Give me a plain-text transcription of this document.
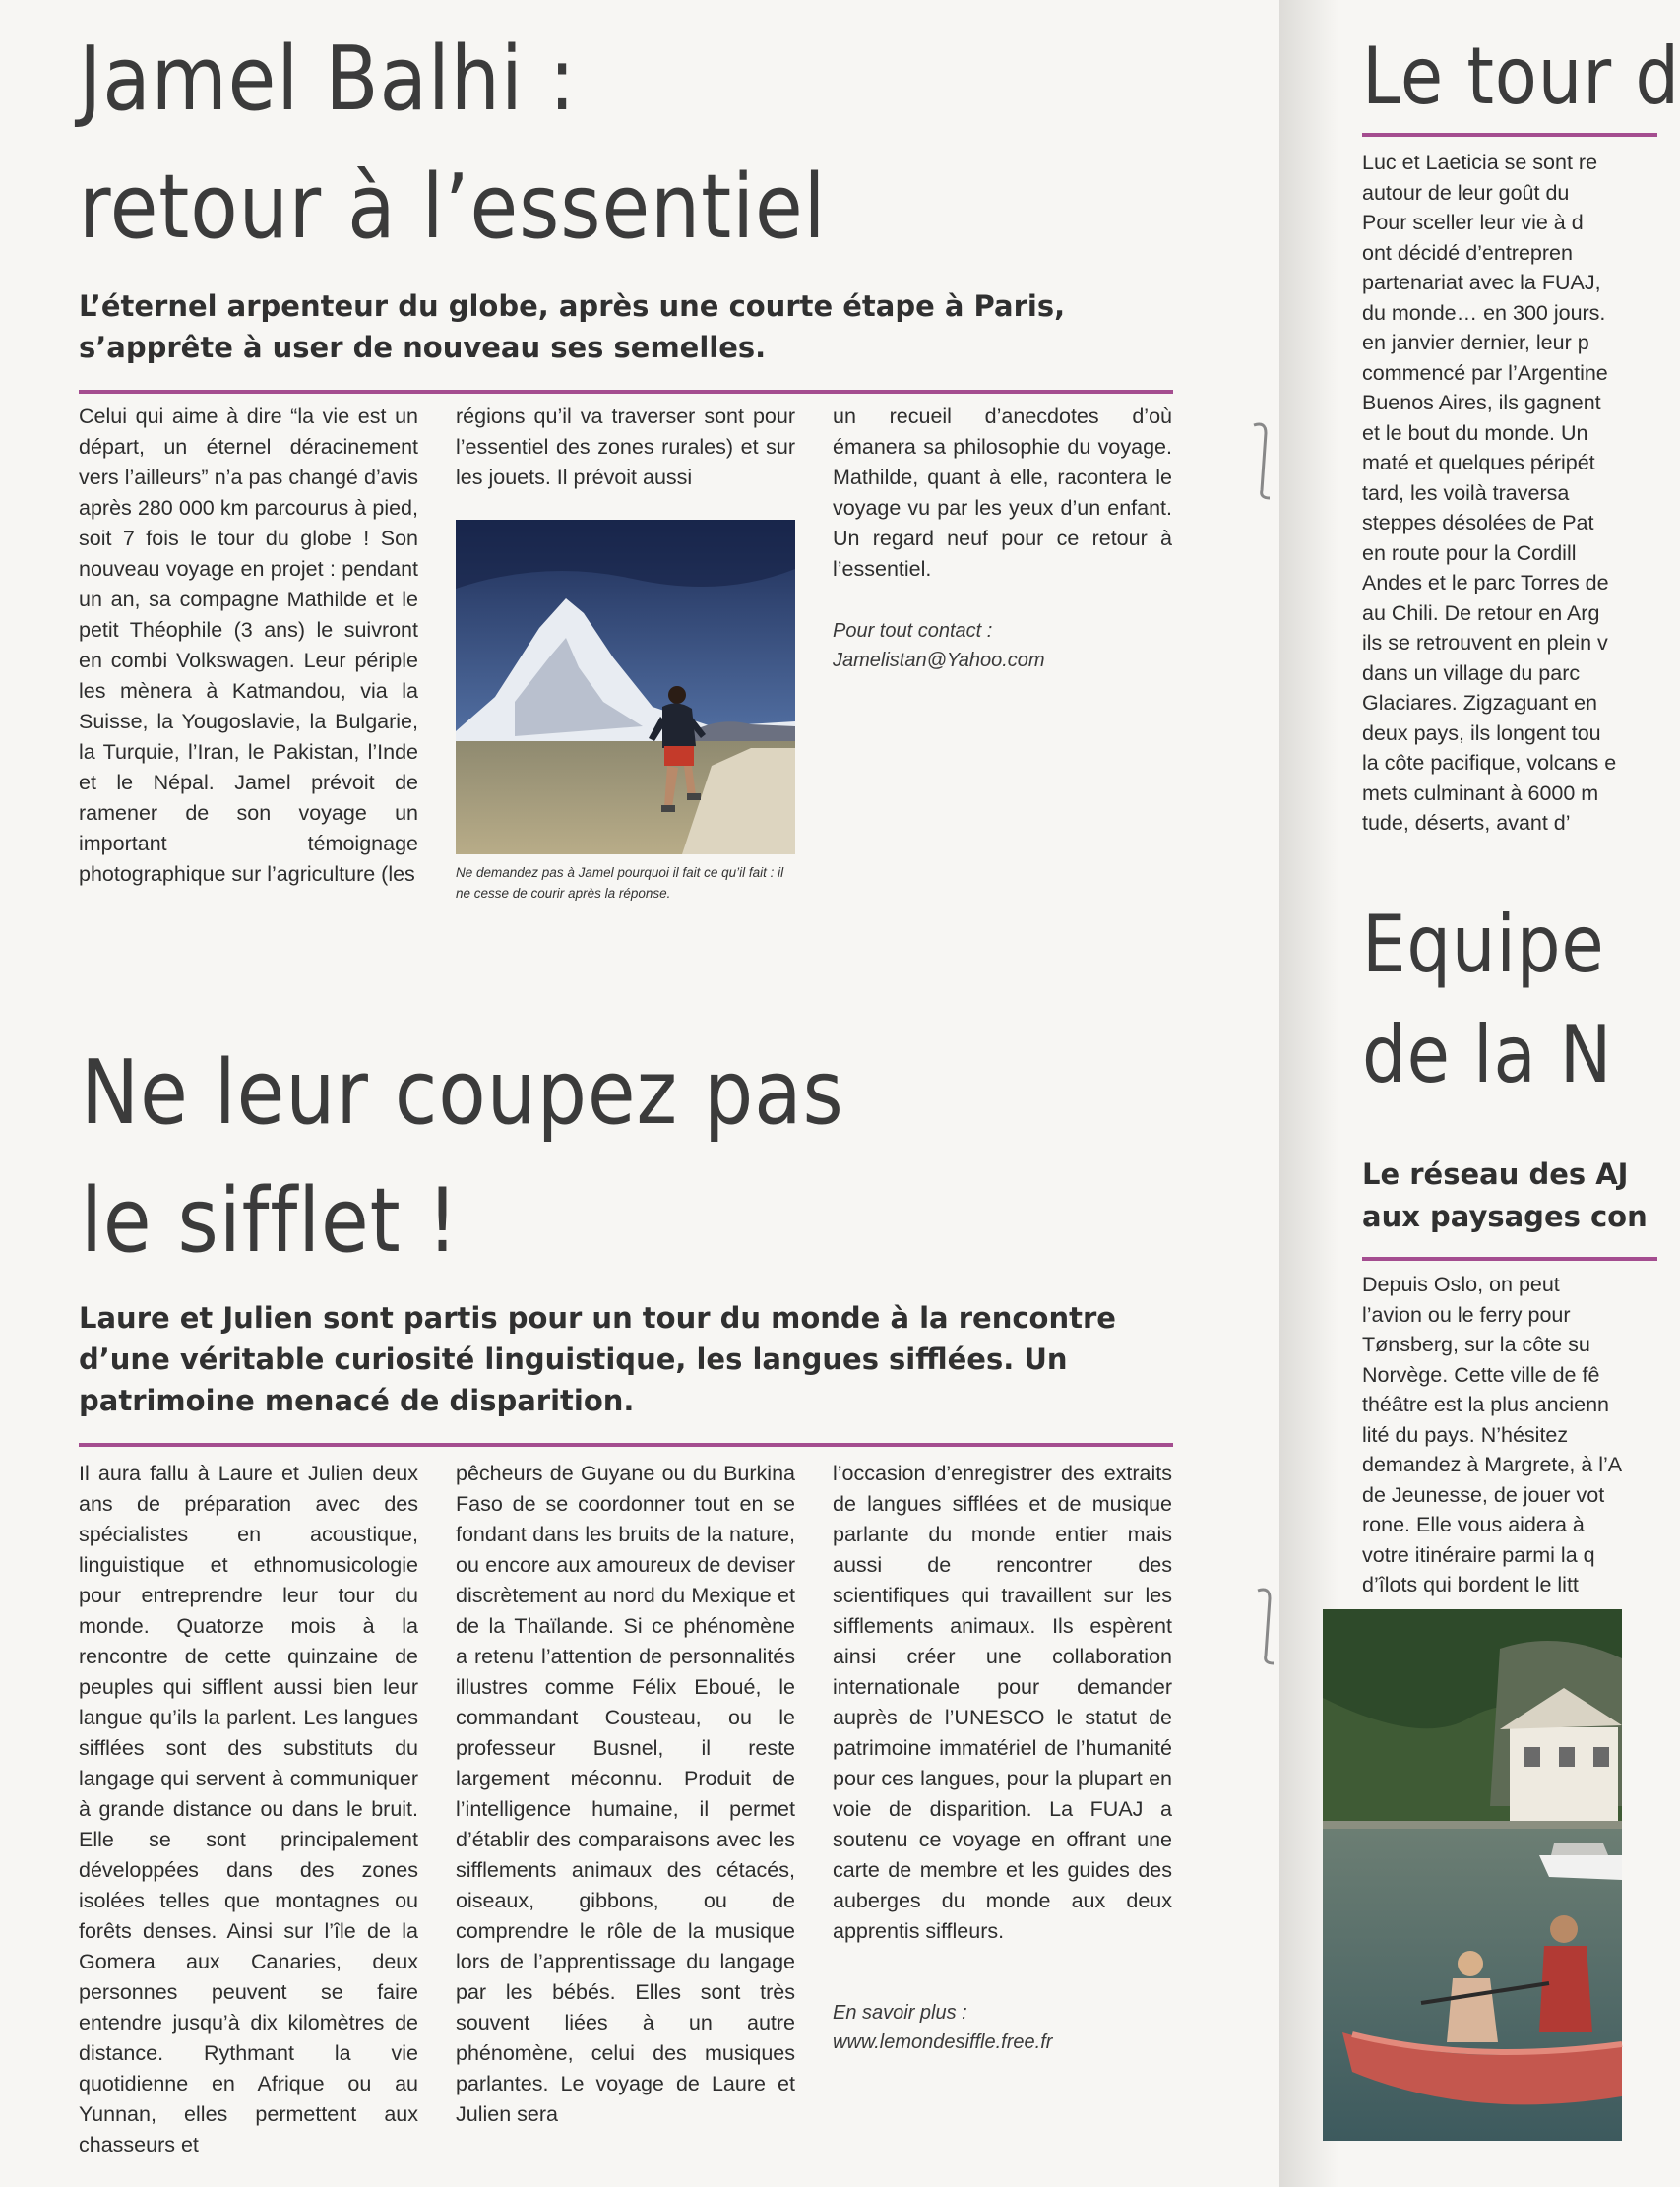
Jamel Balhi :
retour à l’essentiel

L’éternel arpenteur du globe, après une courte étape à Paris, s’apprête à user de nouveau ses semelles.

Celui qui aime à dire “la vie est un départ, un éternel déracinement vers l’ailleurs” n’a pas changé d’avis après 280 000 km parcourus à pied, soit 7 fois le tour du globe ! Son nouveau voyage en projet : pendant un an, sa compagne Mathilde et le petit Théophile (3 ans) le suivront en combi Volkswagen. Leur périple les mènera à Katmandou, via la Suisse, la Yougoslavie, la Bulgarie, la Turquie, l’Iran, le Pakistan, l’Inde et le Népal. Jamel prévoit de ramener de son voyage un important témoignage photographique sur l’agriculture (les
régions qu’il va traverser sont pour l’essentiel des zones rurales) et sur les jouets. Il prévoit aussi
Ne demandez pas à Jamel pourquoi il fait ce qu’il fait : il ne cesse de courir après la réponse.
un recueil d’anecdotes d’où émanera sa philosophie du voyage. Mathilde, quant à elle, racontera le voyage vu par les yeux d’un enfant. Un regard neuf pour ce retour à l’essentiel.
Pour tout contact :
Jamelistan@Yahoo.com
Ne leur coupez pas
le sifflet !

Laure et Julien sont partis pour un tour du monde à la rencontre d’une véritable curiosité linguistique, les langues sifflées. Un patrimoine menacé de disparition.

Il aura fallu à Laure et Julien deux ans de préparation avec des spécialistes en acoustique, linguistique et ethnomusicologie pour entreprendre leur tour du monde. Quatorze mois à la rencontre de cette quinzaine de peuples qui sifflent aussi bien leur langue qu’ils la parlent. Les langues sifflées sont des substituts du langage qui servent à communiquer à grande distance ou dans le bruit. Elle se sont principalement développées dans des zones isolées telles que montagnes ou forêts denses. Ainsi sur l’île de la Gomera aux Canaries, deux personnes peuvent se faire entendre jusqu’à dix kilomètres de distance. Rythmant la vie quotidienne en Afrique ou au Yunnan, elles permettent aux chasseurs et
pêcheurs de Guyane ou du Burkina Faso de se coordonner tout en se fondant dans les bruits de la nature, ou encore aux amoureux de deviser discrètement au nord du Mexique et de la Thaïlande. Si ce phénomène a retenu l’attention de personnalités illustres comme Félix Eboué, le commandant Cousteau, ou le professeur Busnel, il reste largement méconnu. Produit de l’intelligence humaine, il permet d’établir des comparaisons avec les sifflements animaux des cétacés, oiseaux, gibbons, ou de comprendre le rôle de la musique lors de l’apprentissage du langage par les bébés. Elles sont très souvent liées à un autre phénomène, celui des musiques parlantes. Le voyage de Laure et Julien sera
l’occasion d’enregistrer des extraits de langues sifflées et de musique parlante du monde entier mais aussi de rencontrer des scientifiques qui travaillent sur les sifflements animaux. Ils espèrent ainsi créer une collaboration internationale pour demander auprès de l’UNESCO le statut de patrimoine immatériel de l’humanité pour ces langues, pour la plupart en voie de disparition. La FUAJ a soutenu ce voyage en offrant une carte de membre et les guides des auberges du monde aux deux apprentis siffleurs.
En savoir plus :
www.lemondesiffle.free.fr
Le tour d
Luc et Laeticia se sont re
autour de leur goût du
Pour sceller leur vie à d
ont décidé d’entrepren
partenariat avec la FUAJ,
du monde… en 300 jours.
en janvier dernier, leur p
commencé par l’Argentine
Buenos Aires, ils gagnent
et le bout du monde. Un
maté et quelques péripét
tard, les voilà traversa
steppes désolées de Pat
en route pour la Cordill
Andes et le parc Torres de
au Chili. De retour en Arg
ils se retrouvent en plein v
dans un village du parc
Glaciares. Zigzaguant en
deux pays, ils longent tou
la côte pacifique, volcans e
mets culminant à 6000 m
tude, déserts, avant d’
Equipe
de la N
Le réseau des AJ
aux paysages con
Depuis Oslo, on peut
l’avion ou le ferry pour
Tønsberg, sur la côte su
Norvège. Cette ville de fê
théâtre est la plus ancienn
lité du pays. N’hésitez
demandez à Margrete, à l’A
de Jeunesse, de jouer vot
rone. Elle vous aidera à
votre itinéraire parmi la q
d’îlots qui bordent le litt
